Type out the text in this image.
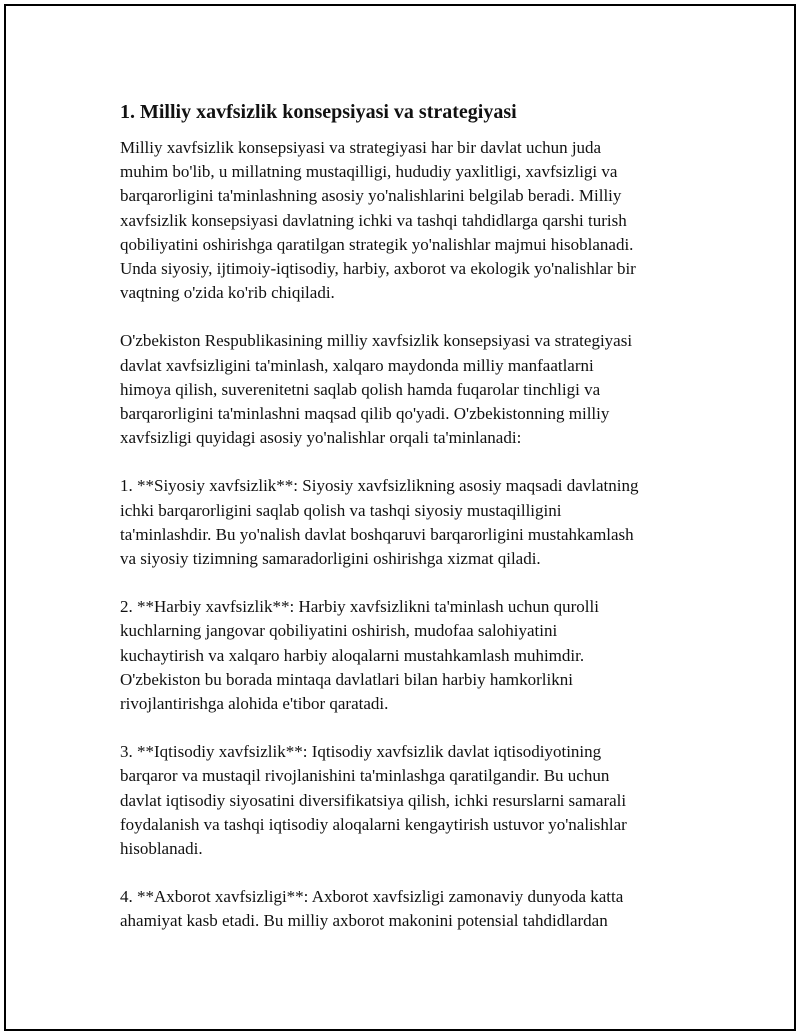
1. Milliy xavfsizlik konsepsiyasi va strategiyasi
Milliy xavfsizlik konsepsiyasi va strategiyasi har bir davlat uchun juda
muhim bo'lib, u millatning mustaqilligi, hududiy yaxlitligi, xavfsizligi va
barqarorligini ta'minlashning asosiy yo'nalishlarini belgilab beradi. Milliy
xavfsizlik konsepsiyasi davlatning ichki va tashqi tahdidlarga qarshi turish
qobiliyatini oshirishga qaratilgan strategik yo'nalishlar majmui hisoblanadi.
Unda siyosiy, ijtimoiy-iqtisodiy, harbiy, axborot va ekologik yo'nalishlar bir
vaqtning o'zida ko'rib chiqiladi.
O'zbekiston Respublikasining milliy xavfsizlik konsepsiyasi va strategiyasi
davlat xavfsizligini ta'minlash, xalqaro maydonda milliy manfaatlarni
himoya qilish, suverenitetni saqlab qolish hamda fuqarolar tinchligi va
barqarorligini ta'minlashni maqsad qilib qo'yadi. O'zbekistonning milliy
xavfsizligi quyidagi asosiy yo'nalishlar orqali ta'minlanadi:
1. **Siyosiy xavfsizlik**: Siyosiy xavfsizlikning asosiy maqsadi davlatning
ichki barqarorligini saqlab qolish va tashqi siyosiy mustaqilligini
ta'minlashdir. Bu yo'nalish davlat boshqaruvi barqarorligini mustahkamlash
va siyosiy tizimning samaradorligini oshirishga xizmat qiladi.
2. **Harbiy xavfsizlik**: Harbiy xavfsizlikni ta'minlash uchun qurolli
kuchlarning jangovar qobiliyatini oshirish, mudofaa salohiyatini
kuchaytirish va xalqaro harbiy aloqalarni mustahkamlash muhimdir.
O'zbekiston bu borada mintaqa davlatlari bilan harbiy hamkorlikni
rivojlantirishga alohida e'tibor qaratadi.
3. **Iqtisodiy xavfsizlik**: Iqtisodiy xavfsizlik davlat iqtisodiyotining
barqaror va mustaqil rivojlanishini ta'minlashga qaratilgandir. Bu uchun
davlat iqtisodiy siyosatini diversifikatsiya qilish, ichki resurslarni samarali
foydalanish va tashqi iqtisodiy aloqalarni kengaytirish ustuvor yo'nalishlar
hisoblanadi.
4. **Axborot xavfsizligi**: Axborot xavfsizligi zamonaviy dunyoda katta
ahamiyat kasb etadi. Bu milliy axborot makonini potensial tahdidlardan
